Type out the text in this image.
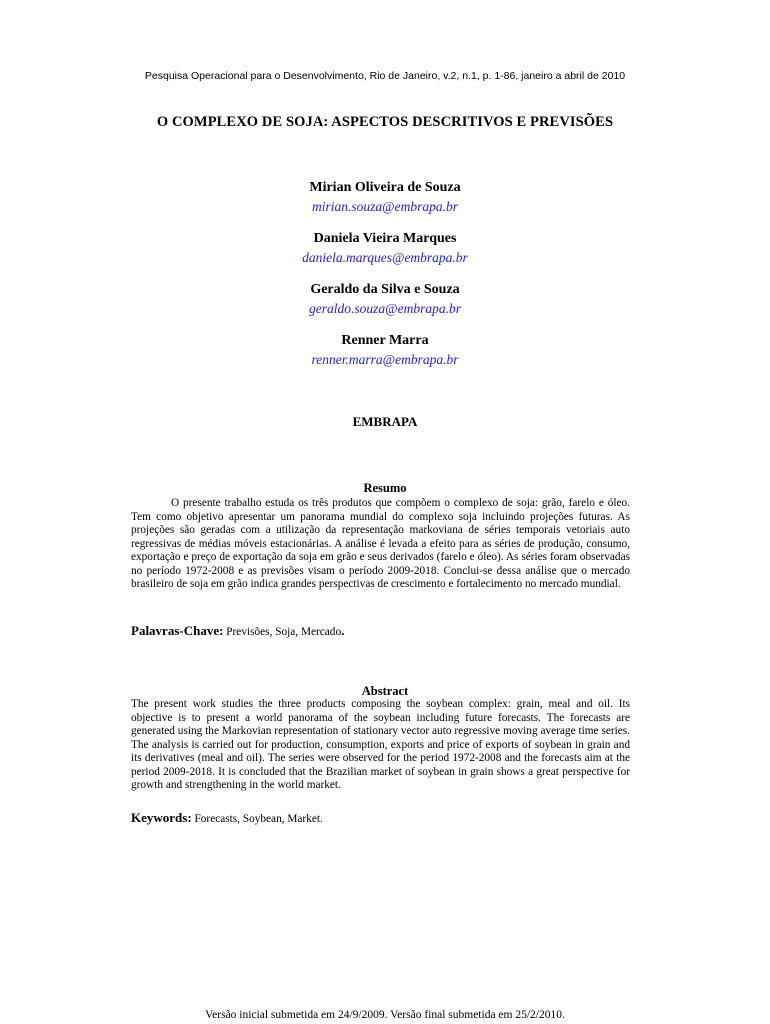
Pesquisa Operacional para o Desenvolvimento, Rio de Janeiro, v.2, n.1, p. 1-86, janeiro a abril de 2010
O COMPLEXO DE SOJA: ASPECTOS DESCRITIVOS E PREVISÕES
Mirian Oliveira de Souza
mirian.souza@embrapa.br
Daniela Vieira Marques
daniela.marques@embrapa.br
Geraldo da Silva e Souza
geraldo.souza@embrapa.br
Renner Marra
renner.marra@embrapa.br
EMBRAPA
Resumo
O presente trabalho estuda os três produtos que compõem o complexo de soja: grão, farelo e óleo. Tem como objetivo apresentar um panorama mundial do complexo soja incluindo projeções futuras. As projeções são geradas com a utilização da representação markoviana de séries temporais vetoriais auto regressivas de médias móveis estacionárias. A análise é levada a efeito para as séries de produção, consumo, exportação e preço de exportação da soja em grão e seus derivados (farelo e óleo). As séries foram observadas no período 1972-2008 e as previsões visam o período 2009-2018. Conclui-se dessa análise que o mercado brasileiro de soja em grão indica grandes perspectivas de crescimento e fortalecimento no mercado mundial.
Palavras-Chave: Previsões, Soja, Mercado.
Abstract
The present work studies the three products composing the soybean complex: grain, meal and oil. Its objective is to present a world panorama of the soybean including future forecasts. The forecasts are generated using the Markovian representation of stationary vector auto regressive moving average time series. The analysis is carried out for production, consumption, exports and price of exports of soybean in grain and its derivatives (meal and oil). The series were observed for the period 1972-2008 and the forecasts aim at the period 2009-2018. It is concluded that the Brazilian market of soybean in grain shows a great perspective for growth and strengthening in the world market.
Keywords: Forecasts, Soybean, Market.
Versão inicial submetida em 24/9/2009. Versão final submetida em 25/2/2010.
